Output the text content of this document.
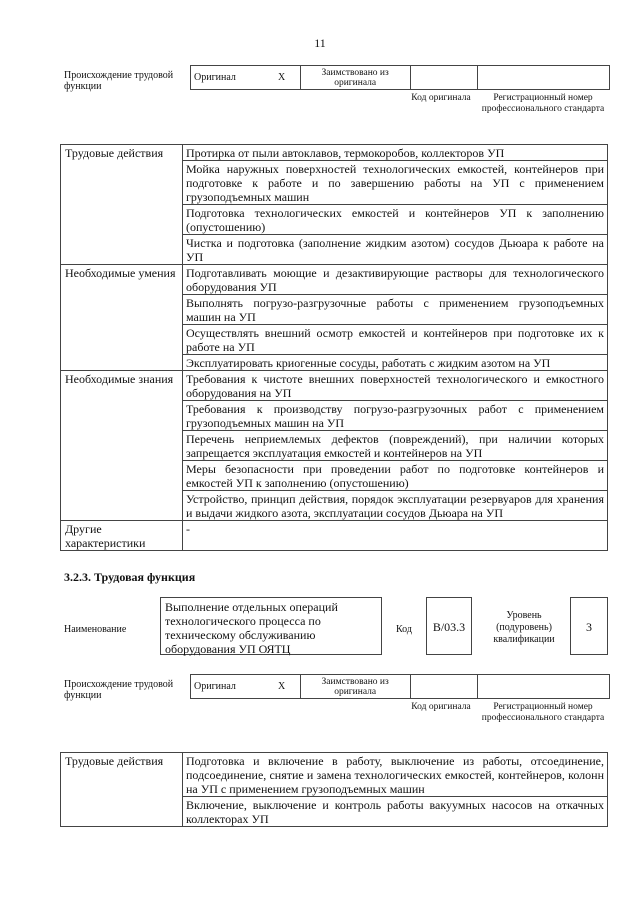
11
Происхождение трудовой функции
Оригинал	X	Заимствовано из оригинала		
Код оригинала	Регистрационный номер профессионального стандарта
Трудовые действия	Протирка от пыли автоклавов, термокоробов, коллекторов УП
	Мойка наружных поверхностей технологических емкостей, контейнеров при подготовке к работе и по завершению работы на УП с применением грузоподъемных машин
	Подготовка технологических емкостей и контейнеров УП к заполнению (опустошению)
	Чистка и подготовка (заполнение жидким азотом) сосудов Дьюара к работе на УП
Необходимые умения	Подготавливать моющие и дезактивирующие растворы для технологического оборудования УП
	Выполнять погрузо-разгрузочные работы с применением грузоподъемных машин на УП
	Осуществлять внешний осмотр емкостей и контейнеров при подготовке их к работе на УП
	Эксплуатировать криогенные сосуды, работать с жидким азотом на УП
Необходимые знания	Требования к чистоте внешних поверхностей технологического и емкостного оборудования на УП
	Требования к производству погрузо-разгрузочных работ с применением грузоподъемных машин на УП
	Перечень неприемлемых дефектов (повреждений), при наличии которых запрещается эксплуатация емкостей и контейнеров на УП
	Меры безопасности при проведении работ по подготовке контейнеров и емкостей УП к заполнению (опустошению)
	Устройство, принцип действия, порядок эксплуатации резервуаров для хранения и выдачи жидкого азота, эксплуатации сосудов Дьюара на УП
Другие характеристики	-
3.2.3. Трудовая функция
Наименование
Выполнение отдельных операций технологического процесса по техническому обслуживанию оборудования УП ОЯТЦ
Код	B/03.3
Уровень (подуровень) квалификации
3
Происхождение трудовой функции
Оригинал	X	Заимствовано из оригинала		
Код оригинала	Регистрационный номер профессионального стандарта
Трудовые действия	Подготовка и включение в работу, выключение из работы, отсоединение, подсоединение, снятие и замена технологических емкостей, контейнеров, колонн на УП с применением грузоподъемных машин
Включение, выключение и контроль работы вакуумных насосов на откачных коллекторах УП
